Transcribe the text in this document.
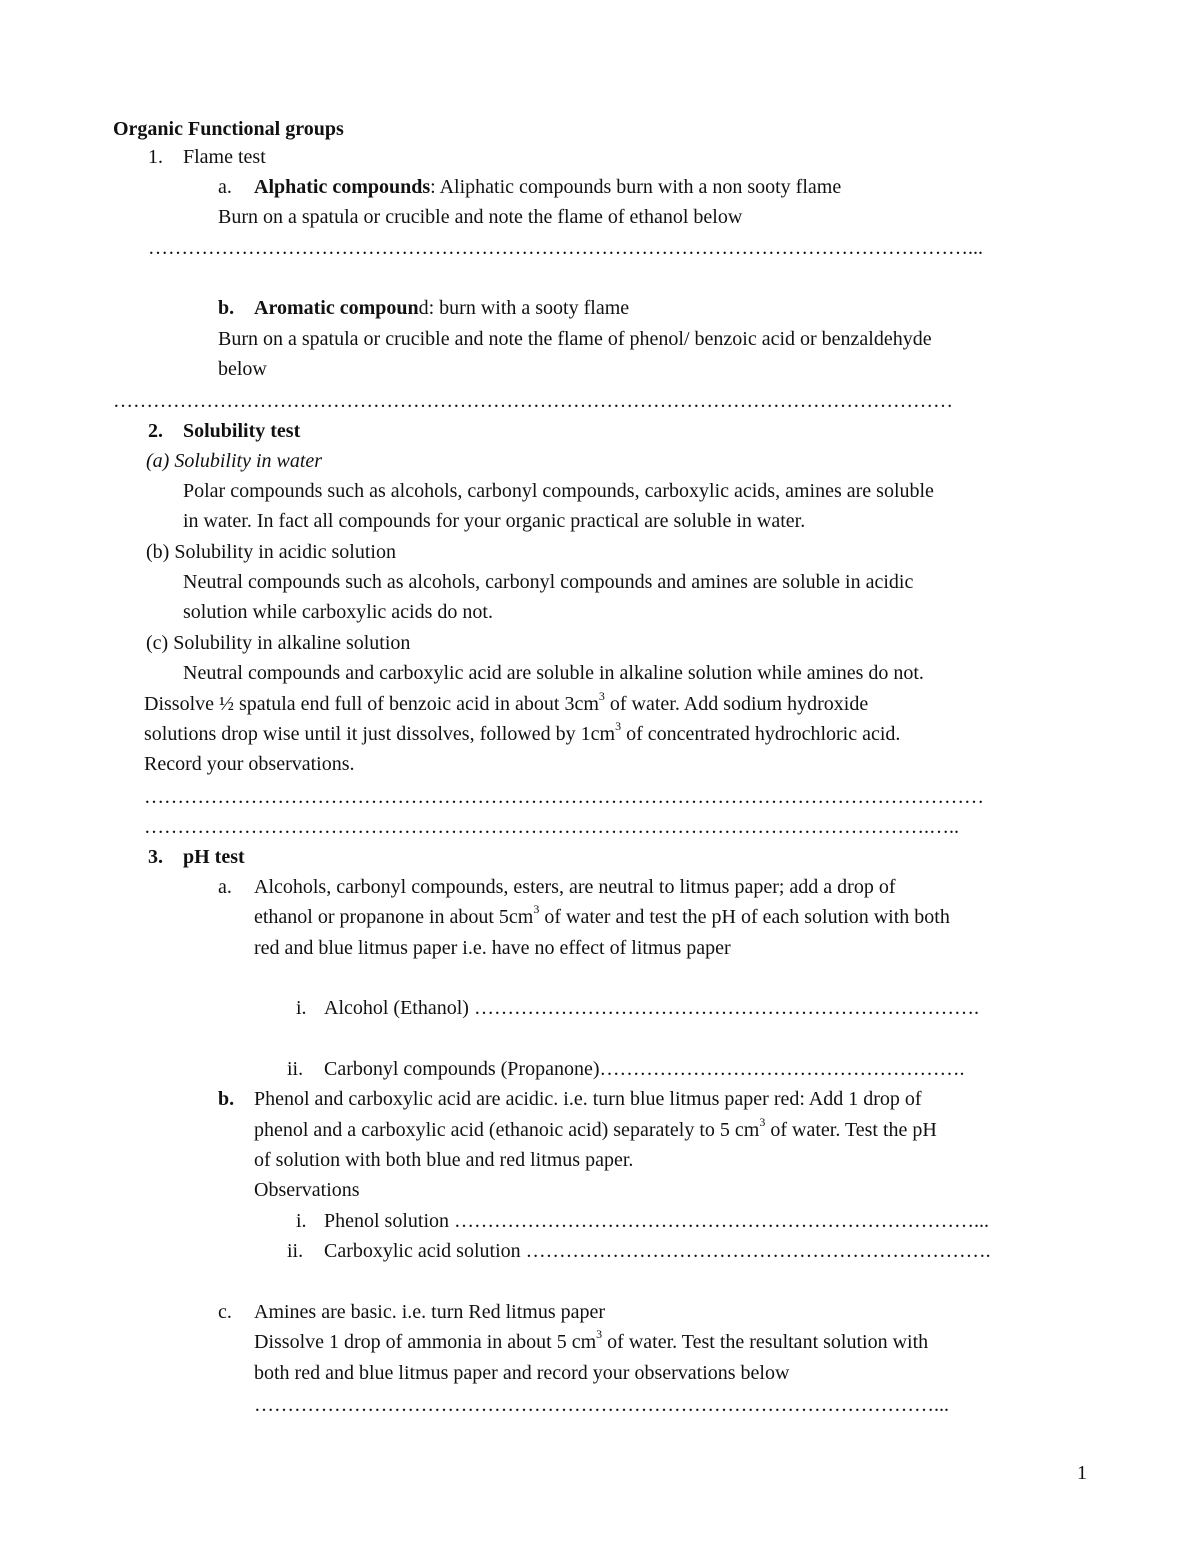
Organic Functional groups
1. Flame test
a. Alphatic compounds: Aliphatic compounds burn with a non sooty flame
Burn on a spatula or crucible and note the flame of ethanol below
……………………………………………………………………………………………………………...
b. Aromatic compound: burn with a sooty flame
Burn on a spatula or crucible and note the flame of phenol/ benzoic acid or benzaldehyde
below
………………………………………………………………………………………………………………
2. Solubility test
(a) Solubility in water
Polar compounds such as alcohols, carbonyl compounds, carboxylic acids, amines are soluble
in water. In fact all compounds for your organic practical are soluble in water.
(b) Solubility in acidic solution
Neutral compounds such as alcohols, carbonyl compounds and amines are soluble in acidic
solution while carboxylic acids do not.
(c) Solubility in alkaline solution
Neutral compounds and carboxylic acid are soluble in alkaline solution while amines do not.
Dissolve ½ spatula end full of benzoic acid in about $3cm^3$ of water. Add sodium hydroxide
solutions drop wise until it just dissolves, followed by $1cm^3$ of concentrated hydrochloric acid.
Record your observations.
………………………………………………………………………………………………………………
……………………………………………………………………………………………………….…..
3. pH test
a. Alcohols, carbonyl compounds, esters, are neutral to litmus paper; add a drop of
ethanol or propanone in about $5cm^3$ of water and test the pH of each solution with both
red and blue litmus paper i.e. have no effect of litmus paper
i. Alcohol (Ethanol) ………………………………………………………………….
ii. Carbonyl compounds (Propanone)……………………………………………….
b. Phenol and carboxylic acid are acidic. i.e. turn blue litmus paper red: Add 1 drop of
phenol and a carboxylic acid (ethanoic acid) separately to 5 $cm^3$ of water. Test the pH
of solution with both blue and red litmus paper.
Observations
i. Phenol solution ……………………………………………………………………...
ii. Carboxylic acid solution …………………………………………………………….
c. Amines are basic. i.e. turn Red litmus paper
Dissolve 1 drop of ammonia in about 5 $cm^3$ of water. Test the resultant solution with
both red and blue litmus paper and record your observations below
…………………………………………………………………………………………...
1
